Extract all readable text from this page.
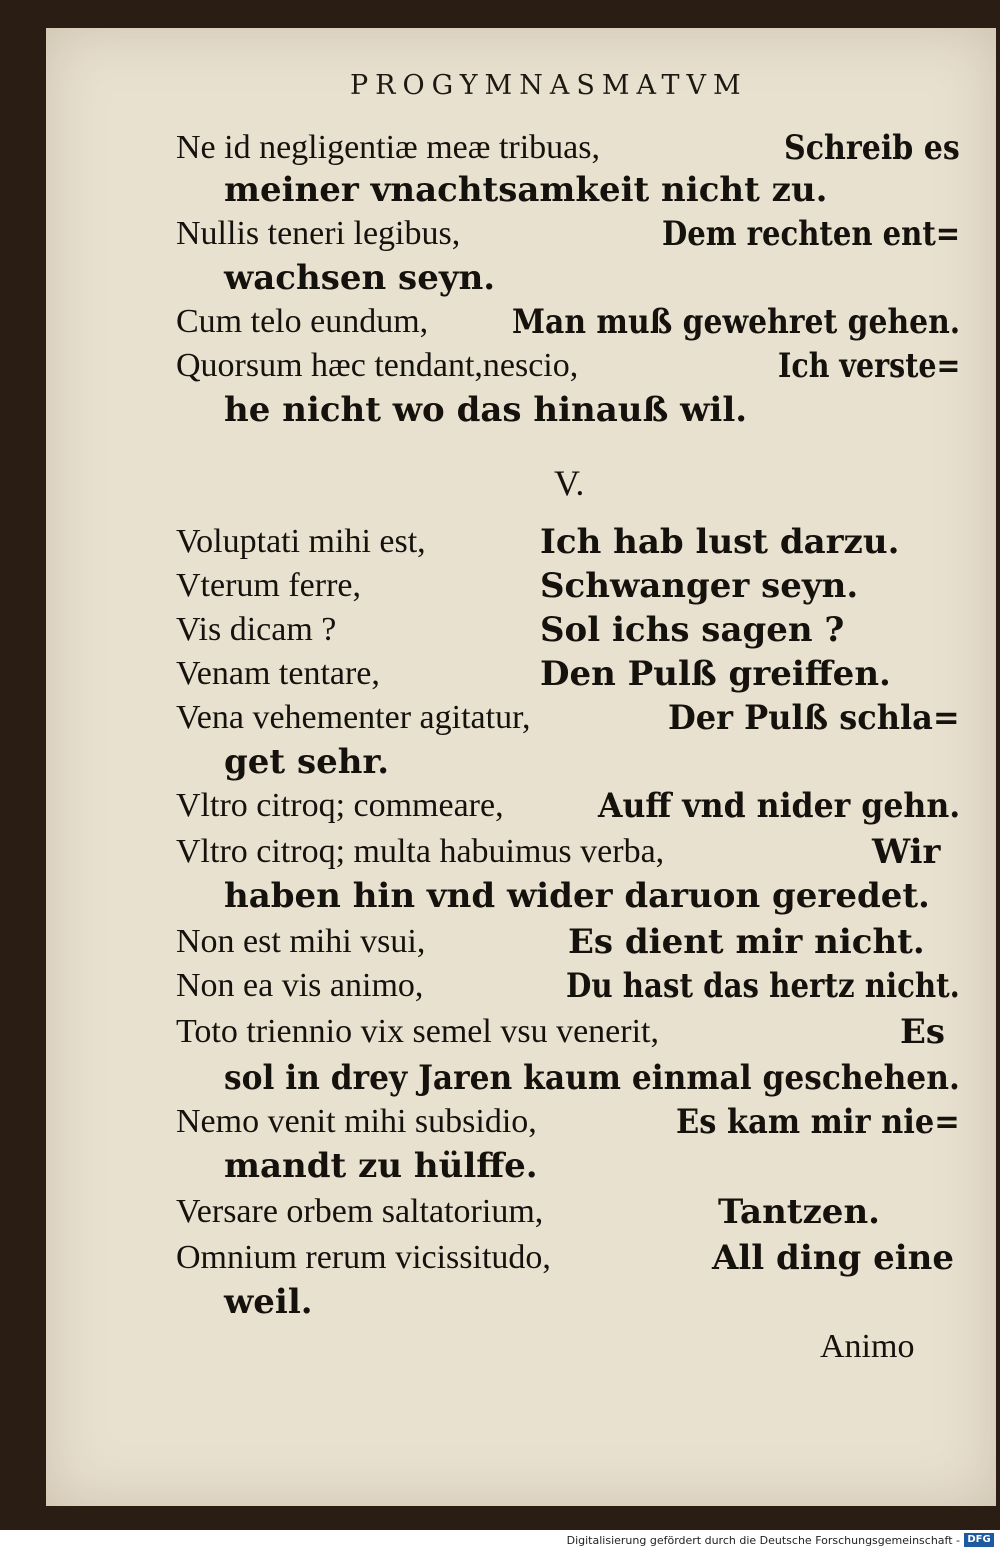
PROGYMNASMATVM
Ne id negligentiæ meæ tribuas,	Schreib es
meiner vnachtsamkeit nicht zu.
Nullis teneri legibus,	Dem rechten ent=
wachsen seyn.
Cum telo eundum, Man muß gewehret gehen.
Quorsum hæc tendant,nescio,	Ich verste=
he nicht wo das hinauß wil.
V.
Voluptati mihi est,	Ich hab lust darzu.
Vterum ferre,	Schwanger seyn.
Vis dicam ?	Sol ichs sagen ?
Venam tentare,	Den Pulß greiffen.
Vena vehementer agitatur,	Der Pulß schla=
get sehr.
Vltro citroq; commeare,	Auff vnd nider gehn.
Vltro citroq; multa habuimus verba,	Wir
haben hin vnd wider daruon geredet.
Non est mihi vsui,	Es dient mir nicht.
Non ea vis animo,	Du hast das hertz nicht.
Toto triennio vix semel vsu venerit,	Es
sol in drey Jaren kaum einmal geschehen.
Nemo venit mihi subsidio,	Es kam mir nie=
mandt zu hülffe.
Versare orbem saltatorium,	Tantzen.
Omnium rerum vicissitudo,	All ding eine
weil.
Animo
Digitalisierung gefördert durch die Deutsche Forschungsgemeinschaft - DFG
